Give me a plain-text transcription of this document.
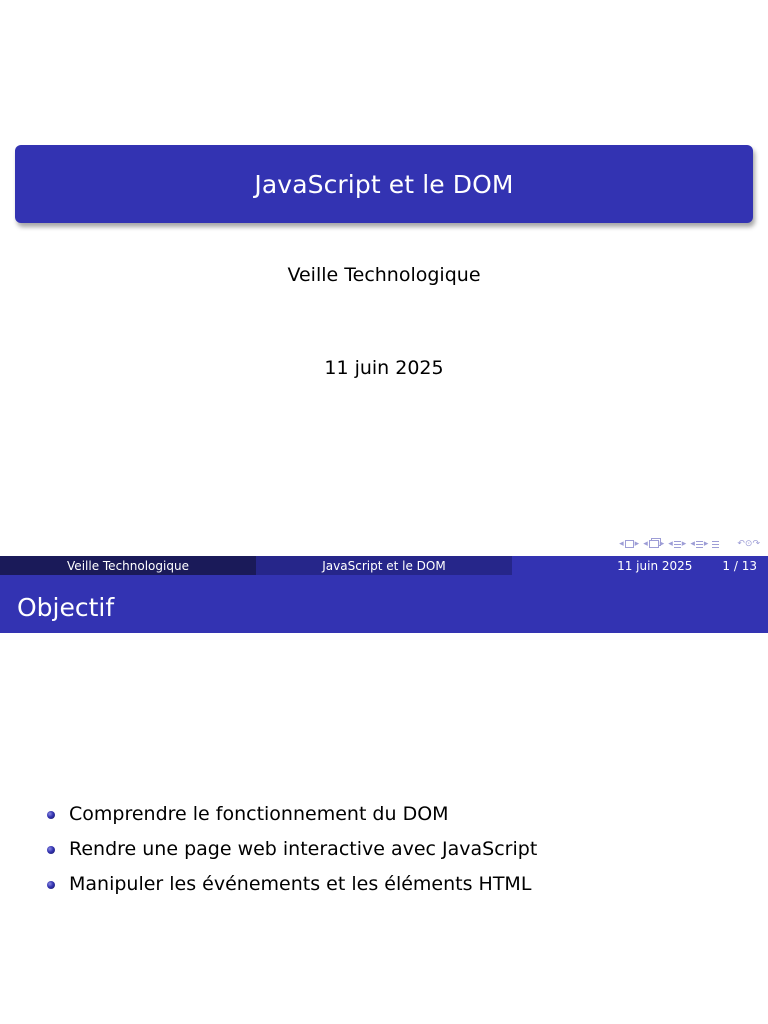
JavaScript et le DOM
Veille Technologique
11 juin 2025
◂ ▸ ◂ ▸ ◂ ▸ ◂ ▸	↶⊙↷
Veille Technologique	JavaScript et le DOM	11 juin 2025	1 / 13
Objectif
Comprendre le fonctionnement du DOM
Rendre une page web interactive avec JavaScript
Manipuler les événements et les éléments HTML
